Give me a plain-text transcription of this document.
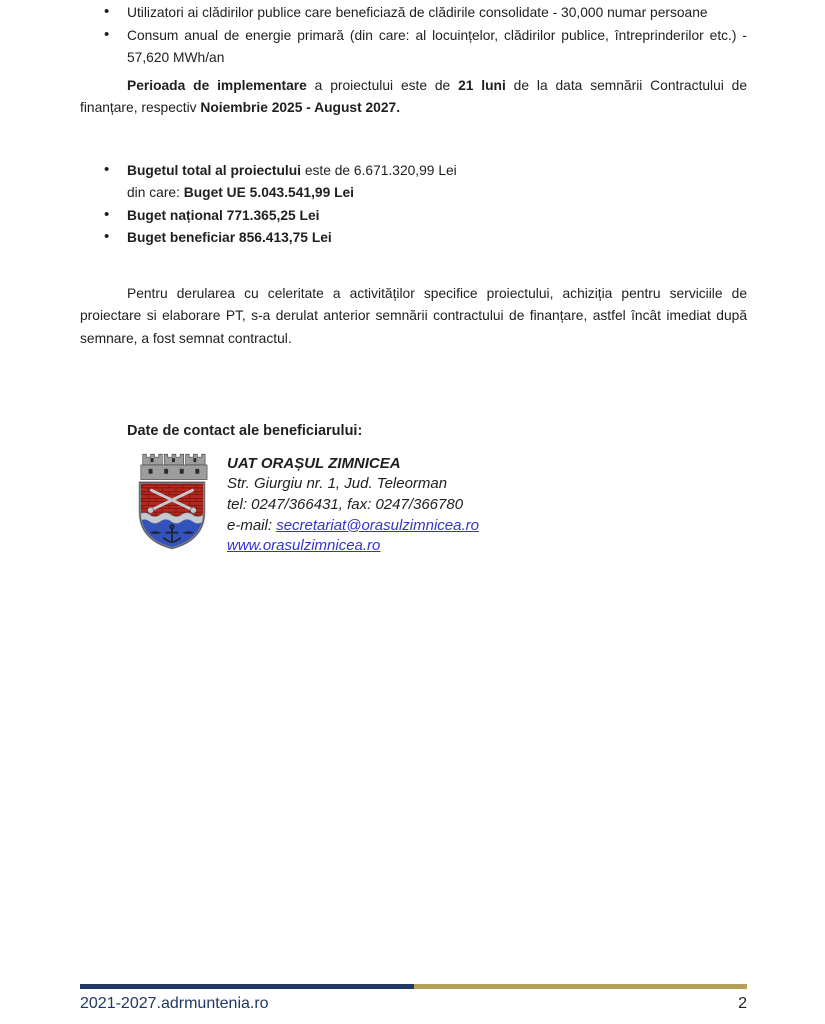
• Utilizatori ai clădirilor publice care beneficiază de clădirile consolidate - 30,000 numar persoane
• Consum anual de energie primară (din care: al locuințelor, clădirilor publice, întreprinderilor etc.) - 57,620 MWh/an

Perioada de implementare a proiectului este de 21 luni de la data semnării Contractului de finanțare, respectiv Noiembrie 2025 - August 2027.

• Bugetul total al proiectului este de 6.671.320,99 Lei
din care: Buget UE 5.043.541,99 Lei
• Buget național 771.365,25 Lei
• Buget beneficiar 856.413,75 Lei

Pentru derularea cu celeritate a activităților specifice proiectului, achiziția pentru serviciile de proiectare si elaborare PT, s-a derulat anterior semnării contractului de finanțare, astfel încât imediat după semnare, a fost semnat contractul.

Date de contact ale beneficiarului:
UAT ORAȘUL ZIMNICEA
Str. Giurgiu nr. 1, Jud. Teleorman
tel: 0247/366431, fax: 0247/366780
e-mail: secretariat@orasulzimnicea.ro
www.orasulzimnicea.ro
2021-2027.adrmuntenia.ro	2
